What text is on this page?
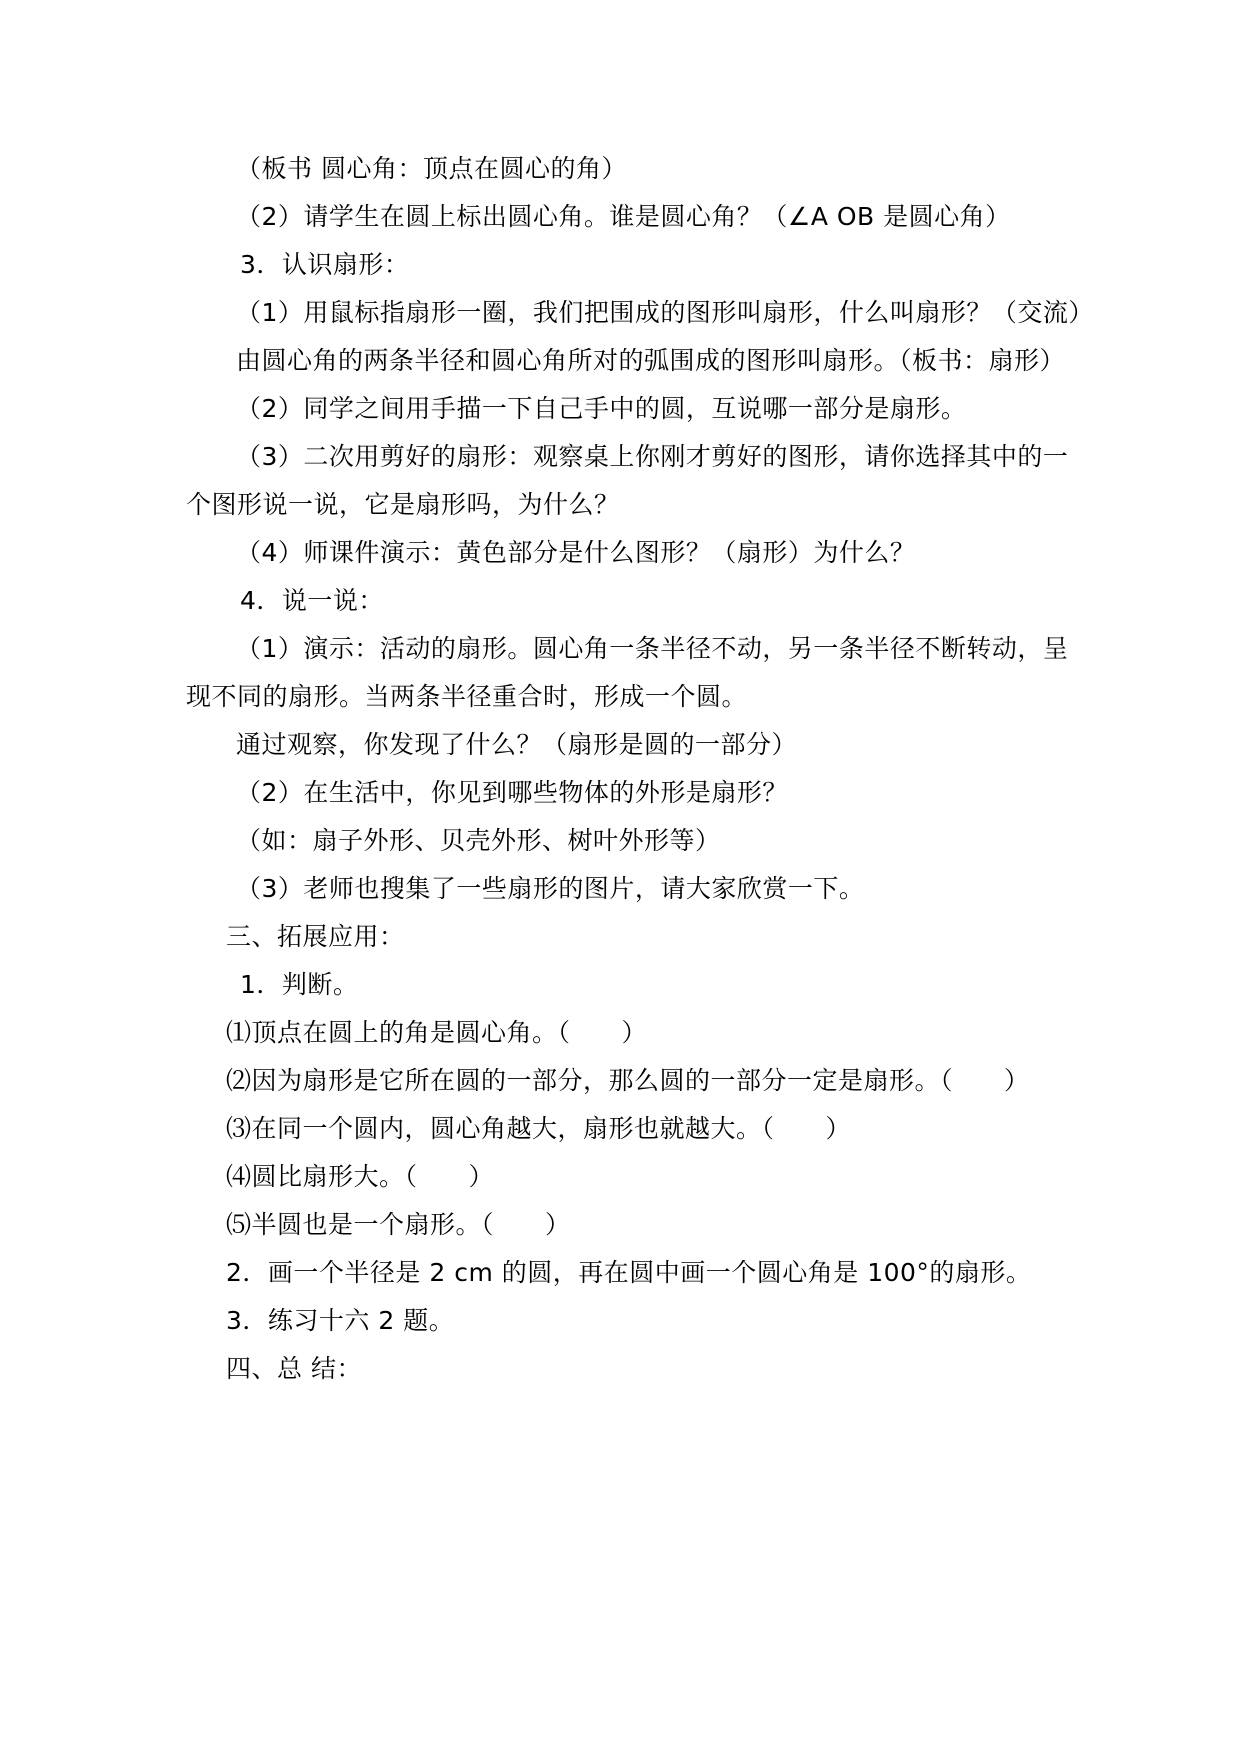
（板书 圆心角：顶点在圆心的角）
（2）请学生在圆上标出圆心角。谁是圆心角？（∠A OB 是圆心角）
3．认识扇形：
（1）用鼠标指扇形一圈，我们把围成的图形叫扇形，什么叫扇形？（交流）
由圆心角的两条半径和圆心角所对的弧围成的图形叫扇形。（板书：扇形）
（2）同学之间用手描一下自己手中的圆，互说哪一部分是扇形。
（3）二次用剪好的扇形：观察桌上你刚才剪好的图形，请你选择其中的一
个图形说一说，它是扇形吗，为什么？
（4）师课件演示：黄色部分是什么图形？（扇形）为什么？
4．说一说：
（1）演示：活动的扇形。圆心角一条半径不动，另一条半径不断转动，呈
现不同的扇形。当两条半径重合时，形成一个圆。
通过观察，你发现了什么？（扇形是圆的一部分）
（2）在生活中，你见到哪些物体的外形是扇形？
（如：扇子外形、贝壳外形、树叶外形等）
（3）老师也搜集了一些扇形的图片，请大家欣赏一下。
三、拓展应用：
1．判断。
⑴顶点在圆上的角是圆心角。（　　）
⑵因为扇形是它所在圆的一部分，那么圆的一部分一定是扇形。（　　）
⑶在同一个圆内，圆心角越大，扇形也就越大。（　　）
⑷圆比扇形大。（　　）
⑸半圆也是一个扇形。（　　）
2．画一个半径是 2 cm 的圆，再在圆中画一个圆心角是 100°的扇形。
3．练习十六 2 题。
四、总 结：
